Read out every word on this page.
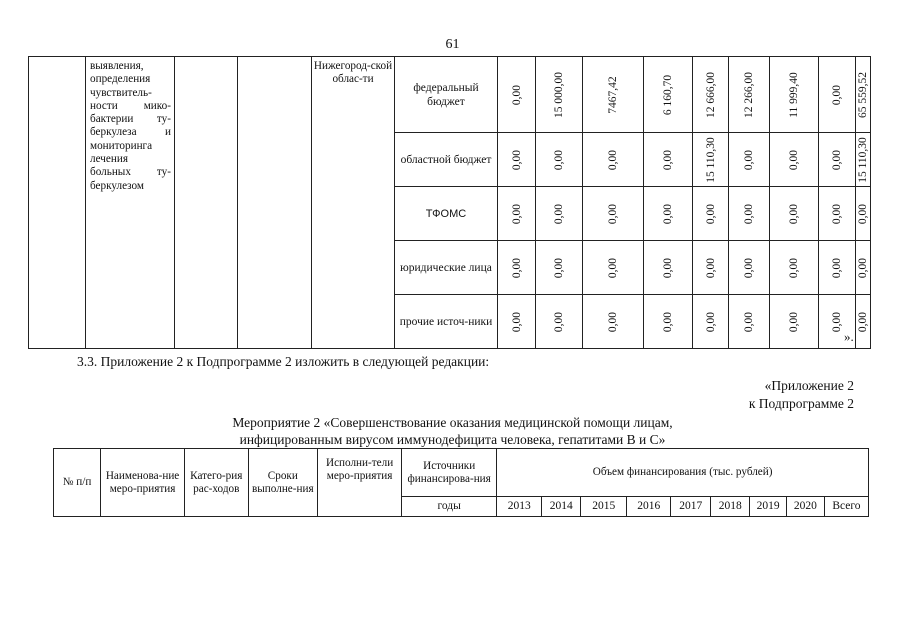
61
	выявления, определения чувствитель-ности мико-бактерии ту-беркулеза и мониторинга лечения больных ту-беркулезом			Нижегород-ской облас-ти	федеральный бюджет	0,00	15 000,00	7467,42	6 160,70	12 666,00	12 266,00	11 999,40	0,00	65 559,52

					областной бюджет	0,00	0,00	0,00	0,00	15 110,30	0,00	0,00	0,00	15 110,30

					ТФОМС	0,00	0,00	0,00	0,00	0,00	0,00	0,00	0,00	0,00

					юридические лица	0,00	0,00	0,00	0,00	0,00	0,00	0,00	0,00	0,00

					прочие источ-ники	0,00	0,00	0,00	0,00	0,00	0,00	0,00	0,00	0,00
».
3.3. Приложение 2 к Подпрограмме 2 изложить в следующей редакции:
«Приложение 2
к Подпрограмме 2
Мероприятие 2 «Совершенствование оказания медицинской помощи лицам,
инфицированным вирусом иммунодефицита человека, гепатитами В и С»
№ п/п	Наименова-ние меро-приятия	Катего-рия рас-ходов	Сроки выполне-ния	Исполни-тели меро-приятия	Источники финансирова-ния	Объем финансирования (тыс. рублей)								
					годы	2013	2014	2015	2016	2017	2018	2019	2020	Всего
